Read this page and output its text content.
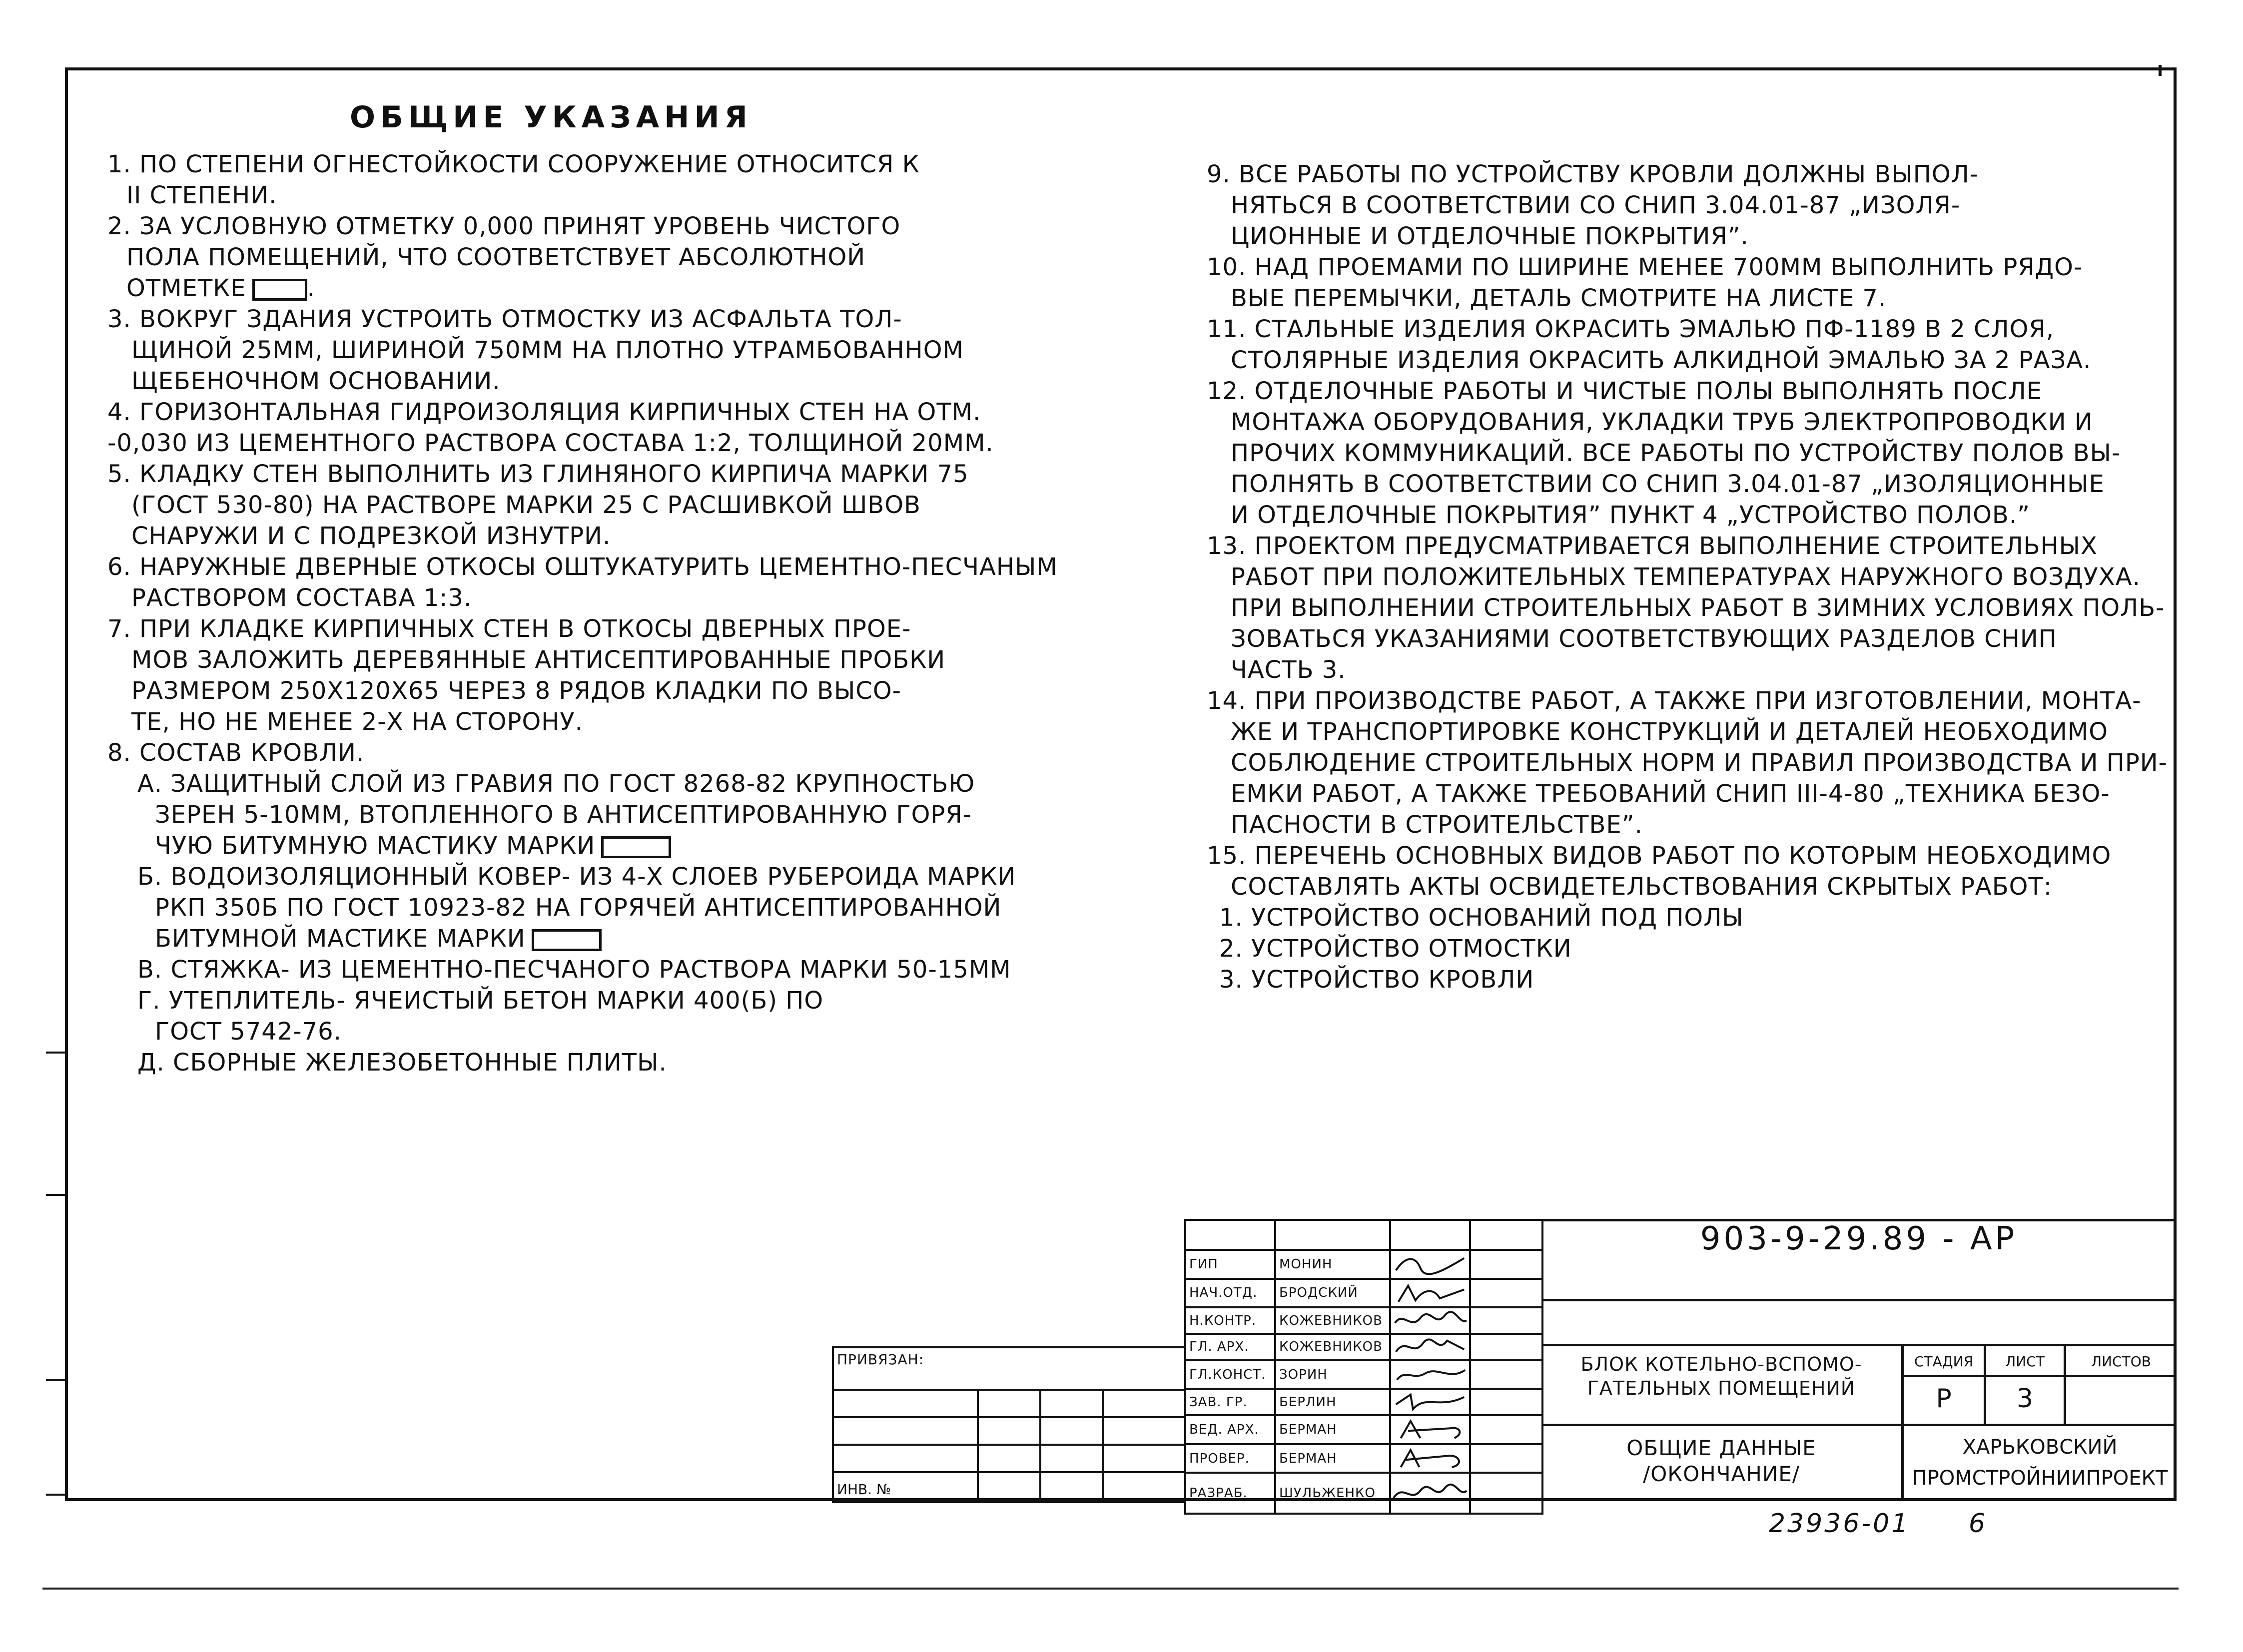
ОБЩИЕ УКАЗАНИЯ
1. ПО СТЕПЕНИ ОГНЕСТОЙКОСТИ СООРУЖЕНИЕ ОТНОСИТСЯ К
II СТЕПЕНИ.
2. ЗА УСЛОВНУЮ ОТМЕТКУ 0,000 ПРИНЯТ УРОВЕНЬ ЧИСТОГО
ПОЛА ПОМЕЩЕНИЙ, ЧТО СООТВЕТСТВУЕТ АБСОЛЮТНОЙ
ОТМЕТКЕ	.
3. ВОКРУГ ЗДАНИЯ УСТРОИТЬ ОТМОСТКУ ИЗ АСФАЛЬТА ТОЛ-
ЩИНОЙ 25ММ, ШИРИНОЙ 750ММ НА ПЛОТНО УТРАМБОВАННОМ
ЩЕБЕНОЧНОМ ОСНОВАНИИ.
4. ГОРИЗОНТАЛЬНАЯ ГИДРОИЗОЛЯЦИЯ КИРПИЧНЫХ СТЕН НА ОТМ.
-0,030 ИЗ ЦЕМЕНТНОГО РАСТВОРА СОСТАВА 1:2, ТОЛЩИНОЙ 20ММ.
5. КЛАДКУ СТЕН ВЫПОЛНИТЬ ИЗ ГЛИНЯНОГО КИРПИЧА МАРКИ 75
(ГОСТ 530-80) НА РАСТВОРЕ МАРКИ 25 С РАСШИВКОЙ ШВОВ
СНАРУЖИ И С ПОДРЕЗКОЙ ИЗНУТРИ.
6. НАРУЖНЫЕ ДВЕРНЫЕ ОТКОСЫ ОШТУКАТУРИТЬ ЦЕМЕНТНО-ПЕСЧАНЫМ
РАСТВОРОМ СОСТАВА 1:3.
7. ПРИ КЛАДКЕ КИРПИЧНЫХ СТЕН В ОТКОСЫ ДВЕРНЫХ ПРОЕ-
МОВ ЗАЛОЖИТЬ ДЕРЕВЯННЫЕ АНТИСЕПТИРОВАННЫЕ ПРОБКИ
РАЗМЕРОМ 250X120X65 ЧЕРЕЗ 8 РЯДОВ КЛАДКИ ПО ВЫСО-
ТЕ, НО НЕ МЕНЕЕ 2-Х НА СТОРОНУ.
8. СОСТАВ КРОВЛИ.
А. ЗАЩИТНЫЙ СЛОЙ ИЗ ГРАВИЯ ПО ГОСТ 8268-82 КРУПНОСТЬЮ
ЗЕРЕН 5-10ММ, ВТОПЛЕННОГО В АНТИСЕПТИРОВАННУЮ ГОРЯ-
ЧУЮ БИТУМНУЮ МАСТИКУ МАРКИ
Б. ВОДОИЗОЛЯЦИОННЫЙ КОВЕР- ИЗ 4-Х СЛОЕВ РУБЕРОИДА МАРКИ
РКП 350Б ПО ГОСТ 10923-82 НА ГОРЯЧЕЙ АНТИСЕПТИРОВАННОЙ
БИТУМНОЙ МАСТИКЕ МАРКИ
В. СТЯЖКА- ИЗ ЦЕМЕНТНО-ПЕСЧАНОГО РАСТВОРА МАРКИ 50-15ММ
Г. УТЕПЛИТЕЛЬ- ЯЧЕИСТЫЙ БЕТОН МАРКИ 400(Б) ПО
ГОСТ 5742-76.
Д. СБОРНЫЕ ЖЕЛЕЗОБЕТОННЫЕ ПЛИТЫ.
9. ВСЕ РАБОТЫ ПО УСТРОЙСТВУ КРОВЛИ ДОЛЖНЫ ВЫПОЛ-
НЯТЬСЯ В СООТВЕТСТВИИ СО СНИП 3.04.01-87 „ИЗОЛЯ-
ЦИОННЫЕ И ОТДЕЛОЧНЫЕ ПОКРЫТИЯ”.
10. НАД ПРОЕМАМИ ПО ШИРИНЕ МЕНЕЕ 700ММ ВЫПОЛНИТЬ РЯДО-
ВЫЕ ПЕРЕМЫЧКИ, ДЕТАЛЬ СМОТРИТЕ НА ЛИСТЕ 7.
11. СТАЛЬНЫЕ ИЗДЕЛИЯ ОКРАСИТЬ ЭМАЛЬЮ ПФ-1189 В 2 СЛОЯ,
СТОЛЯРНЫЕ ИЗДЕЛИЯ ОКРАСИТЬ АЛКИДНОЙ ЭМАЛЬЮ ЗА 2 РАЗА.
12. ОТДЕЛОЧНЫЕ РАБОТЫ И ЧИСТЫЕ ПОЛЫ ВЫПОЛНЯТЬ ПОСЛЕ
МОНТАЖА ОБОРУДОВАНИЯ, УКЛАДКИ ТРУБ ЭЛЕКТРОПРОВОДКИ И
ПРОЧИХ КОММУНИКАЦИЙ. ВСЕ РАБОТЫ ПО УСТРОЙСТВУ ПОЛОВ ВЫ-
ПОЛНЯТЬ В СООТВЕТСТВИИ СО СНИП 3.04.01-87 „ИЗОЛЯЦИОННЫЕ
И ОТДЕЛОЧНЫЕ ПОКРЫТИЯ” ПУНКТ 4 „УСТРОЙСТВО ПОЛОВ.”
13. ПРОЕКТОМ ПРЕДУСМАТРИВАЕТСЯ ВЫПОЛНЕНИЕ СТРОИТЕЛЬНЫХ
РАБОТ ПРИ ПОЛОЖИТЕЛЬНЫХ ТЕМПЕРАТУРАХ НАРУЖНОГО ВОЗДУХА.
ПРИ ВЫПОЛНЕНИИ СТРОИТЕЛЬНЫХ РАБОТ В ЗИМНИХ УСЛОВИЯХ ПОЛЬ-
ЗОВАТЬСЯ УКАЗАНИЯМИ СООТВЕТСТВУЮЩИХ РАЗДЕЛОВ СНИП
ЧАСТЬ 3.
14. ПРИ ПРОИЗВОДСТВЕ РАБОТ, А ТАКЖЕ ПРИ ИЗГОТОВЛЕНИИ, МОНТА-
ЖЕ И ТРАНСПОРТИРОВКЕ КОНСТРУКЦИЙ И ДЕТАЛЕЙ НЕОБХОДИМО
СОБЛЮДЕНИЕ СТРОИТЕЛЬНЫХ НОРМ И ПРАВИЛ ПРОИЗВОДСТВА И ПРИ-
ЕМКИ РАБОТ, А ТАКЖЕ ТРЕБОВАНИЙ СНИП III-4-80 „ТЕХНИКА БЕЗО-
ПАСНОСТИ В СТРОИТЕЛЬСТВЕ”.
15. ПЕРЕЧЕНЬ ОСНОВНЫХ ВИДОВ РАБОТ ПО КОТОРЫМ НЕОБХОДИМО
СОСТАВЛЯТЬ АКТЫ ОСВИДЕТЕЛЬСТВОВАНИЯ СКРЫТЫХ РАБОТ:
1. УСТРОЙСТВО ОСНОВАНИЙ ПОД ПОЛЫ
2. УСТРОЙСТВО ОТМОСТКИ
3. УСТРОЙСТВО КРОВЛИ

ПРИВЯЗАН:
ИНВ. №

ГИП	МОНИН	

НАЧ.ОТД.	БРОДСКИЙ	

Н.КОНТР.	КОЖЕВНИКОВ	

ГЛ. АРХ.	КОЖЕВНИКОВ	

ГЛ.КОНСТ.	ЗОРИН	

ЗАВ. ГР.	БЕРЛИН	

ВЕД. АРХ.	БЕРМАН	

ПРОВЕР.	БЕРМАН	

РАЗРАБ.	ШУЛЬЖЕНКО	

903-9-29.89 - АР
БЛОК КОТЕЛЬНО-ВСПОМО-
ГАТЕЛЬНЫХ ПОМЕЩЕНИЙ
СТАДИЯ	ЛИСТ	ЛИСТОВ
Р	3
ОБЩИЕ ДАННЫЕ
/ОКОНЧАНИЕ/
ХАРЬКОВСКИЙ
ПРОМСТРОЙНИИПРОЕКТ
23936-01 6
